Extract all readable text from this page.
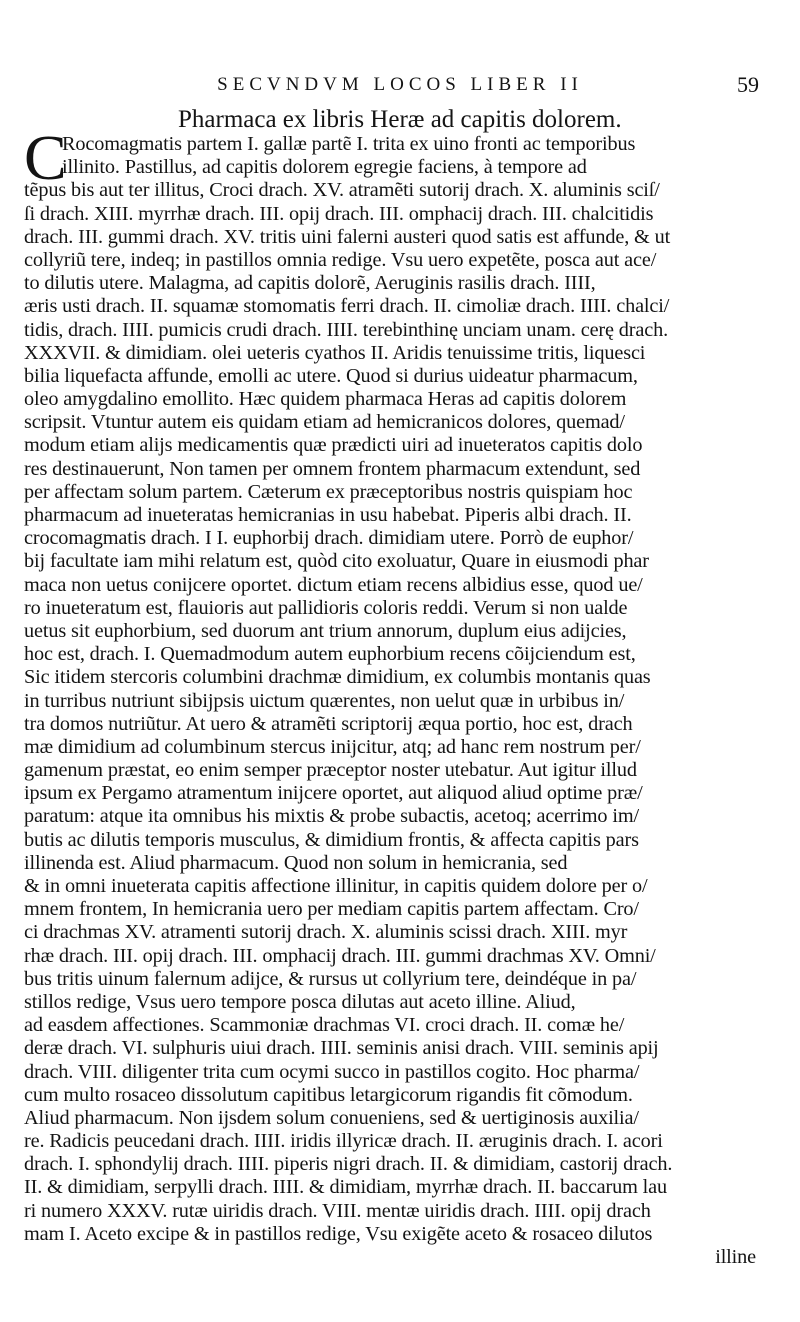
SECVNDVM LOCOS LIBER II	59
Pharmaca ex libris Heræ ad capitis dolorem.
C
Rocomagmatis partem I. gallæ partẽ I. trita ex uino fronti ac temporibus
illinito. Pastillus, ad capitis dolorem egregie faciens, à tempore ad
tẽpus bis aut ter illitus, Croci drach. XV. atramẽti sutorij drach. X. aluminis sciſ/
ſi drach. XIII. myrrhæ drach. III. opij drach. III. omphacij drach. III. chalcitidis
drach. III. gummi drach. XV. tritis uini falerni austeri quod satis est affunde, & ut
collyriũ tere, indeq; in pastillos omnia redige. Vsu uero expetẽte, posca aut ace/
to dilutis utere. Malagma, ad capitis dolorẽ, Aeruginis rasilis drach. IIII,
æris usti drach. II. squamæ stomomatis ferri drach. II. cimoliæ drach. IIII. chalci/
tidis, drach. IIII. pumicis crudi drach. IIII. terebinthinę unciam unam. cerę drach.
XXXVII. & dimidiam. olei ueteris cyathos II. Aridis tenuissime tritis, liquesci
bilia liquefacta affunde, emolli ac utere. Quod si durius uideatur pharmacum,
oleo amygdalino emollito. Hæc quidem pharmaca Heras ad capitis dolorem
scripsit. Vtuntur autem eis quidam etiam ad hemicranicos dolores, quemad/
modum etiam alijs medicamentis quæ prædicti uiri ad inueteratos capitis dolo
res destinauerunt, Non tamen per omnem frontem pharmacum extendunt, sed
per affectam solum partem. Cæterum ex præceptoribus nostris quispiam hoc
pharmacum ad inueteratas hemicranias in usu habebat. Piperis albi drach. II.
crocomagmatis drach. I I. euphorbij drach. dimidiam utere. Porrò de euphor/
bij facultate iam mihi relatum est, quòd cito exoluatur, Quare in eiusmodi phar
maca non uetus conijcere oportet. dictum etiam recens albidius esse, quod ue/
ro inueteratum est, flauioris aut pallidioris coloris reddi. Verum si non ualde
uetus sit euphorbium, sed duorum ant trium annorum, duplum eius adijcies,
hoc est, drach. I. Quemadmodum autem euphorbium recens cõijciendum est,
Sic itidem stercoris columbini drachmæ dimidium, ex columbis montanis quas
in turribus nutriunt sibijpsis uictum quærentes, non uelut quæ in urbibus in/
tra domos nutriũtur. At uero & atramẽti scriptorij æqua portio, hoc est, drach
mæ dimidium ad columbinum stercus inijcitur, atq; ad hanc rem nostrum per/
gamenum præstat, eo enim semper præceptor noster utebatur. Aut igitur illud
ipsum ex Pergamo atramentum inijcere oportet, aut aliquod aliud optime præ/
paratum: atque ita omnibus his mixtis & probe subactis, acetoq; acerrimo im/
butis ac dilutis temporis musculus, & dimidium frontis, & affecta capitis pars
illinenda est. Aliud pharmacum. Quod non solum in hemicrania, sed
& in omni inueterata capitis affectione illinitur, in capitis quidem dolore per o/
mnem frontem, In hemicrania uero per mediam capitis partem affectam. Cro/
ci drachmas XV. atramenti sutorij drach. X. aluminis scissi drach. XIII. myr
rhæ drach. III. opij drach. III. omphacij drach. III. gummi drachmas XV. Omni/
bus tritis uinum falernum adijce, & rursus ut collyrium tere, deindéque in pa/
stillos redige, Vsus uero tempore posca dilutas aut aceto illine. Aliud,
ad easdem affectiones. Scammoniæ drachmas VI. croci drach. II. comæ he/
deræ drach. VI. sulphuris uiui drach. IIII. seminis anisi drach. VIII. seminis apij
drach. VIII. diligenter trita cum ocymi succo in pastillos cogito. Hoc pharma/
cum multo rosaceo dissolutum capitibus letargicorum rigandis fit cõmodum.
Aliud pharmacum. Non ijsdem solum conueniens, sed & uertiginosis auxilia/
re. Radicis peucedani drach. IIII. iridis illyricæ drach. II. æruginis drach. I. acori
drach. I. sphondylij drach. IIII. piperis nigri drach. II. & dimidiam, castorij drach.
II. & dimidiam, serpylli drach. IIII. & dimidiam, myrrhæ drach. II. baccarum lau
ri numero XXXV. rutæ uiridis drach. VIII. mentæ uiridis drach. IIII. opij drach
mam I. Aceto excipe & in pastillos redige, Vsu exigẽte aceto & rosaceo dilutos
illine
